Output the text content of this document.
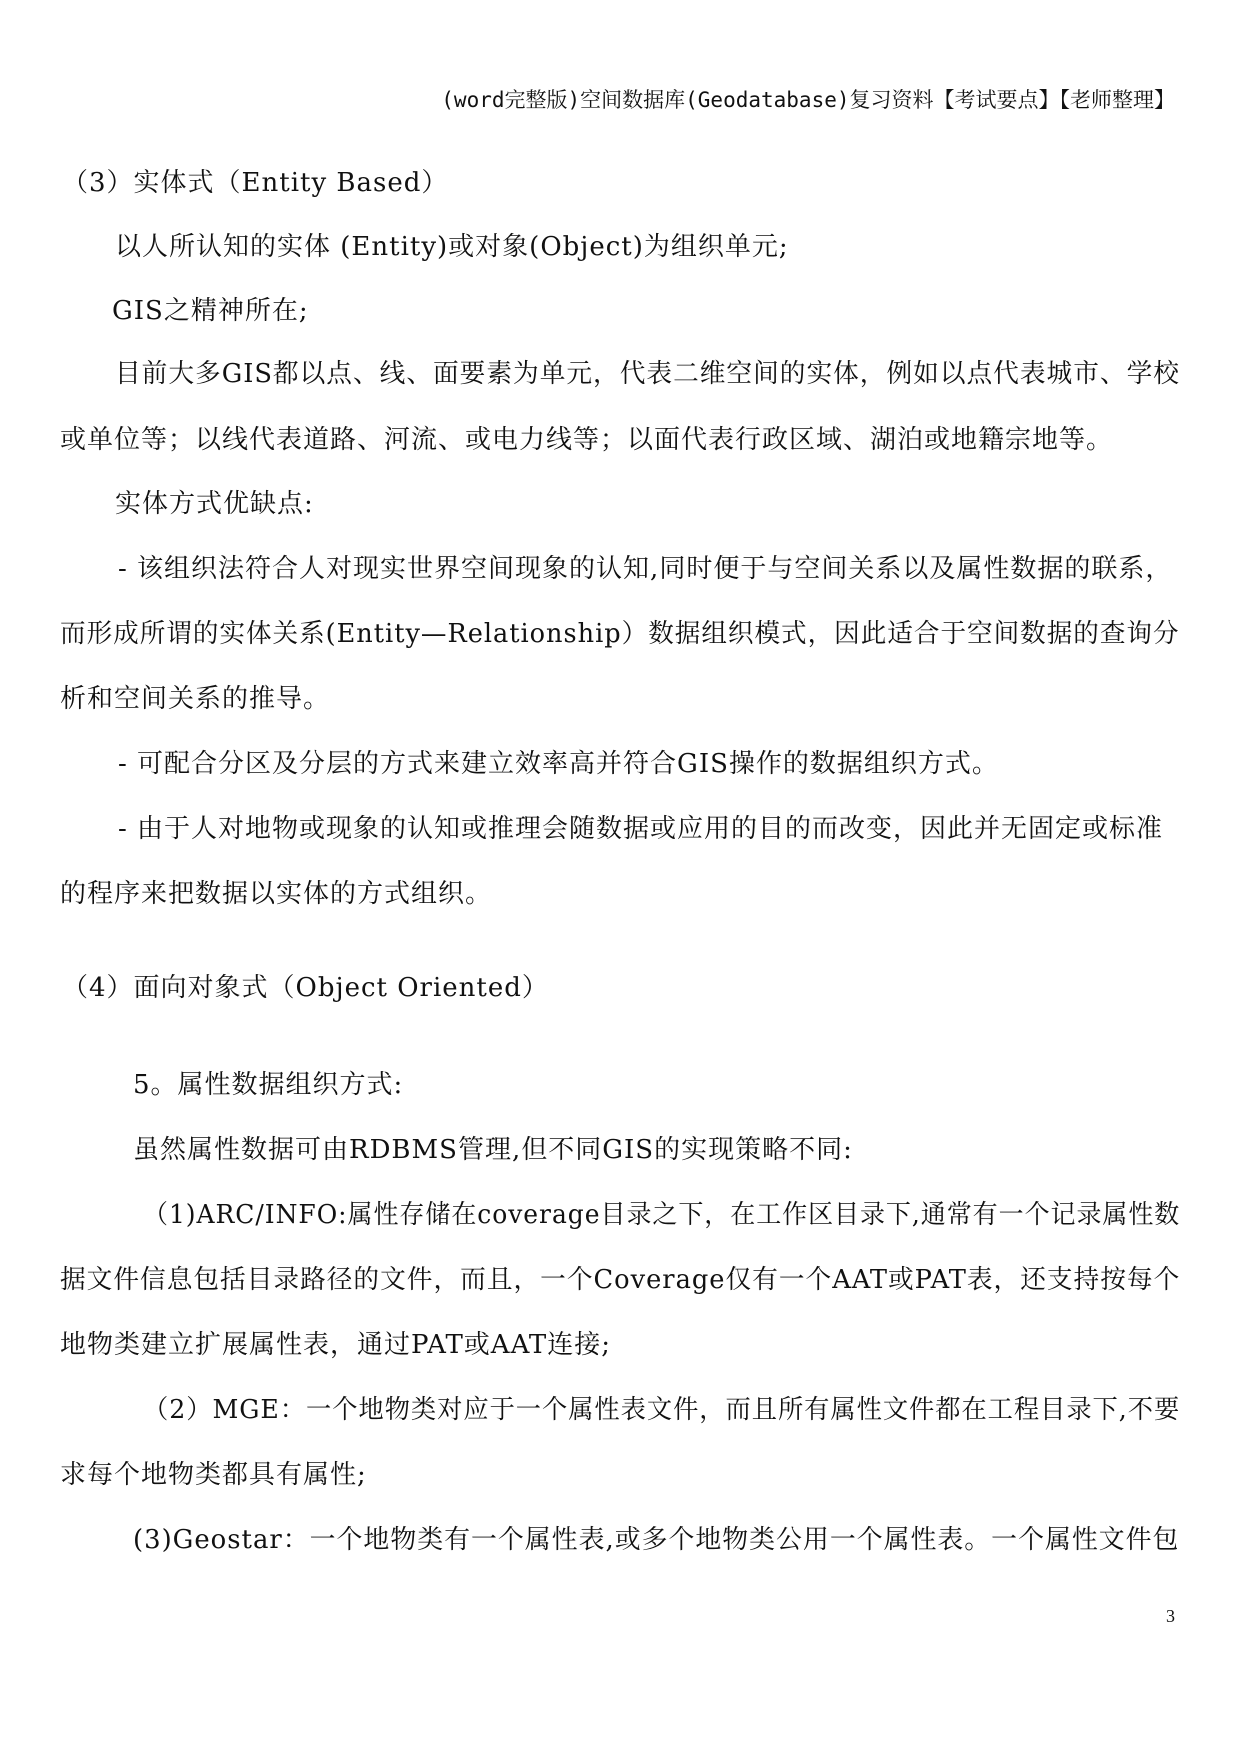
(word完整版)空间数据库(Geodatabase)复习资料【考试要点】【老师整理】
（3）实体式（Entity Based）
以人所认知的实体 (Entity)或对象(Object)为组织单元;
GIS之精神所在;
目前大多GIS都以点、线、面要素为单元，代表二维空间的实体，例如以点代表城市、学校
或单位等；以线代表道路、河流、或电力线等；以面代表行政区域、湖泊或地籍宗地等。
实体方式优缺点:
- 该组织法符合人对现实世界空间现象的认知,同时便于与空间关系以及属性数据的联系，
而形成所谓的实体关系(Entity—Relationship）数据组织模式，因此适合于空间数据的查询分
析和空间关系的推导。
- 可配合分区及分层的方式来建立效率高并符合GIS操作的数据组织方式。
- 由于人对地物或现象的认知或推理会随数据或应用的目的而改变，因此并无固定或标准
的程序来把数据以实体的方式组织。
（4）面向对象式（Object Oriented）
5。属性数据组织方式:
虽然属性数据可由RDBMS管理,但不同GIS的实现策略不同:
（1)ARC/INFO:属性存储在coverage目录之下，在工作区目录下,通常有一个记录属性数
据文件信息包括目录路径的文件，而且，一个Coverage仅有一个AAT或PAT表，还支持按每个
地物类建立扩展属性表，通过PAT或AAT连接;
（2）MGE：一个地物类对应于一个属性表文件，而且所有属性文件都在工程目录下,不要
求每个地物类都具有属性;
(3)Geostar：一个地物类有一个属性表,或多个地物类公用一个属性表。一个属性文件包
3
